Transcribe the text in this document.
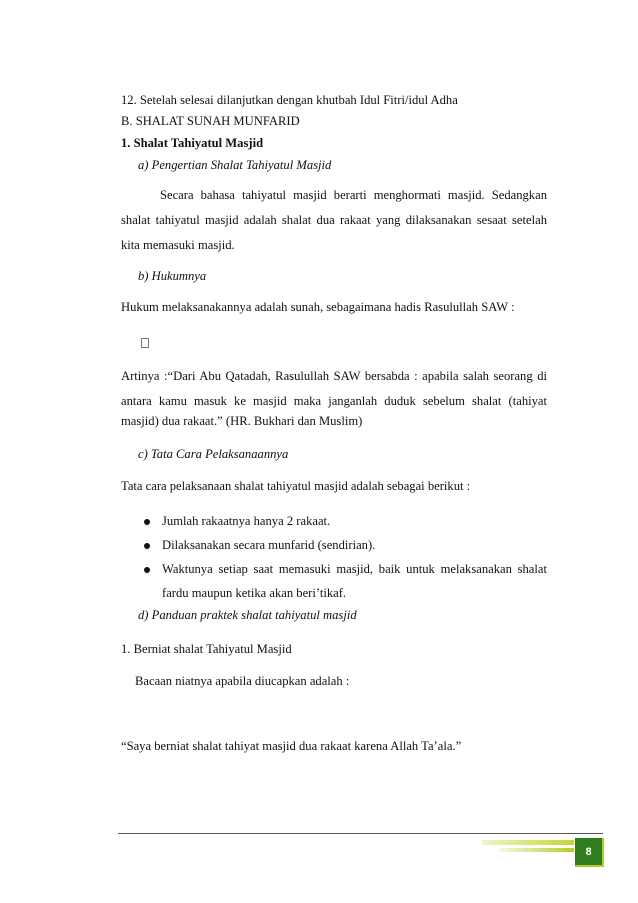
12. Setelah selesai dilanjutkan dengan khutbah Idul Fitri/idul Adha
B. SHALAT SUNAH MUNFARID
1. Shalat Tahiyatul Masjid
a) Pengertian Shalat Tahiyatul Masjid
Secara bahasa tahiyatul masjid berarti menghormati masjid. Sedangkan
shalat tahiyatul masjid adalah shalat dua rakaat yang dilaksanakan sesaat setelah
kita memasuki masjid.
b) Hukumnya
Hukum melaksanakannya adalah sunah, sebagaimana hadis Rasulullah SAW :
Artinya :“Dari Abu Qatadah, Rasulullah SAW bersabda : apabila salah seorang di
antara kamu masuk ke masjid maka janganlah duduk sebelum shalat (tahiyat
masjid) dua rakaat.” (HR. Bukhari dan Muslim)
c) Tata Cara Pelaksanaannya
Tata cara pelaksanaan shalat tahiyatul masjid adalah sebagai berikut :
Jumlah rakaatnya hanya 2 rakaat.
Dilaksanakan secara munfarid (sendirian).
Waktunya setiap saat memasuki masjid, baik untuk melaksanakan shalat
fardu maupun ketika akan beri’tikaf.
d) Panduan praktek shalat tahiyatul masjid
1. Berniat shalat Tahiyatul Masjid
Bacaan niatnya apabila diucapkan adalah :
“Saya berniat shalat tahiyat masjid dua rakaat karena Allah Ta’ala.”
8
